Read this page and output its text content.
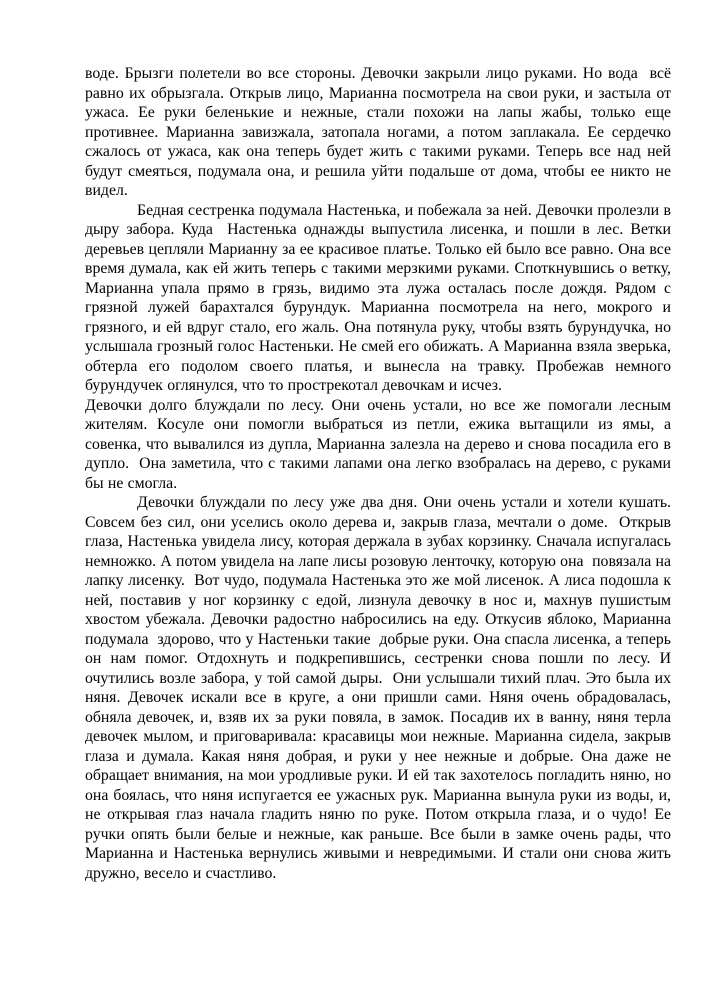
воде. Брызги полетели во все стороны. Девочки закрыли лицо руками. Но вода  всё равно их обрызгала. Открыв лицо, Марианна посмотрела на свои руки, и застыла от ужаса. Ее руки беленькие и нежные, стали похожи на лапы жабы, только еще противнее. Марианна завизжала, затопала ногами, а потом заплакала. Ее сердечко сжалось от ужаса, как она теперь будет жить с такими руками. Теперь все над ней будут смеяться, подумала она, и решила уйти подальше от дома, чтобы ее никто не видел.

Бедная сестренка подумала Настенька, и побежала за ней. Девочки пролезли в дыру забора. Куда  Настенька однажды выпустила лисенка, и пошли в лес. Ветки деревьев цепляли Марианну за ее красивое платье. Только ей было все равно. Она все время думала, как ей жить теперь с такими мерзкими руками. Споткнувшись о ветку, Марианна упала прямо в грязь, видимо эта лужа осталась после дождя. Рядом с грязной лужей барахтался бурундук. Марианна посмотрела на него, мокрого и грязного, и ей вдруг стало, его жаль. Она потянула руку, чтобы взять бурундучка, но услышала грозный голос Настеньки. Не смей его обижать. А Марианна взяла зверька, обтерла его подолом своего платья, и вынесла на травку. Пробежав немного бурундучек оглянулся, что то прострекотал девочкам и исчез.

Девочки долго блуждали по лесу. Они очень устали, но все же помогали лесным жителям. Косуле они помогли выбраться из петли, ежика вытащили из ямы, а совенка, что вывалился из дупла, Марианна залезла на дерево и снова посадила его в дупло.  Она заметила, что с такими лапами она легко взобралась на дерево, с руками бы не смогла.

Девочки блуждали по лесу уже два дня. Они очень устали и хотели кушать. Совсем без сил, они уселись около дерева и, закрыв глаза, мечтали о доме.  Открыв глаза, Настенька увидела лису, которая держала в зубах корзинку. Сначала испугалась немножко. А потом увидела на лапе лисы розовую ленточку, которую она  повязала на лапку лисенку.  Вот чудо, подумала Настенька это же мой лисенок. А лиса подошла к ней, поставив у ног корзинку с едой, лизнула девочку в нос и, махнув пушистым хвостом убежала. Девочки радостно набросились на еду. Откусив яблоко, Марианна подумала  здорово, что у Настеньки такие  добрые руки. Она спасла лисенка, а теперь он нам помог. Отдохнуть и подкрепившись, сестренки снова пошли по лесу. И очутились возле забора, у той самой дыры.  Они услышали тихий плач. Это была их няня. Девочек искали все в круге, а они пришли сами. Няня очень обрадовалась, обняла девочек, и, взяв их за руки повяла, в замок. Посадив их в ванну, няня терла девочек мылом, и приговаривала: красавицы мои нежные. Марианна сидела, закрыв глаза и думала. Какая няня добрая, и руки у нее нежные и добрые. Она даже не обращает внимания, на мои уродливые руки. И ей так захотелось погладить няню, но она боялась, что няня испугается ее ужасных рук. Марианна вынула руки из воды, и, не открывая глаз начала гладить няню по руке. Потом открыла глаза, и о чудо! Ее ручки опять были белые и нежные, как раньше. Все были в замке очень рады, что Марианна и Настенька вернулись живыми и невредимыми. И стали они снова жить дружно, весело и счастливо.
